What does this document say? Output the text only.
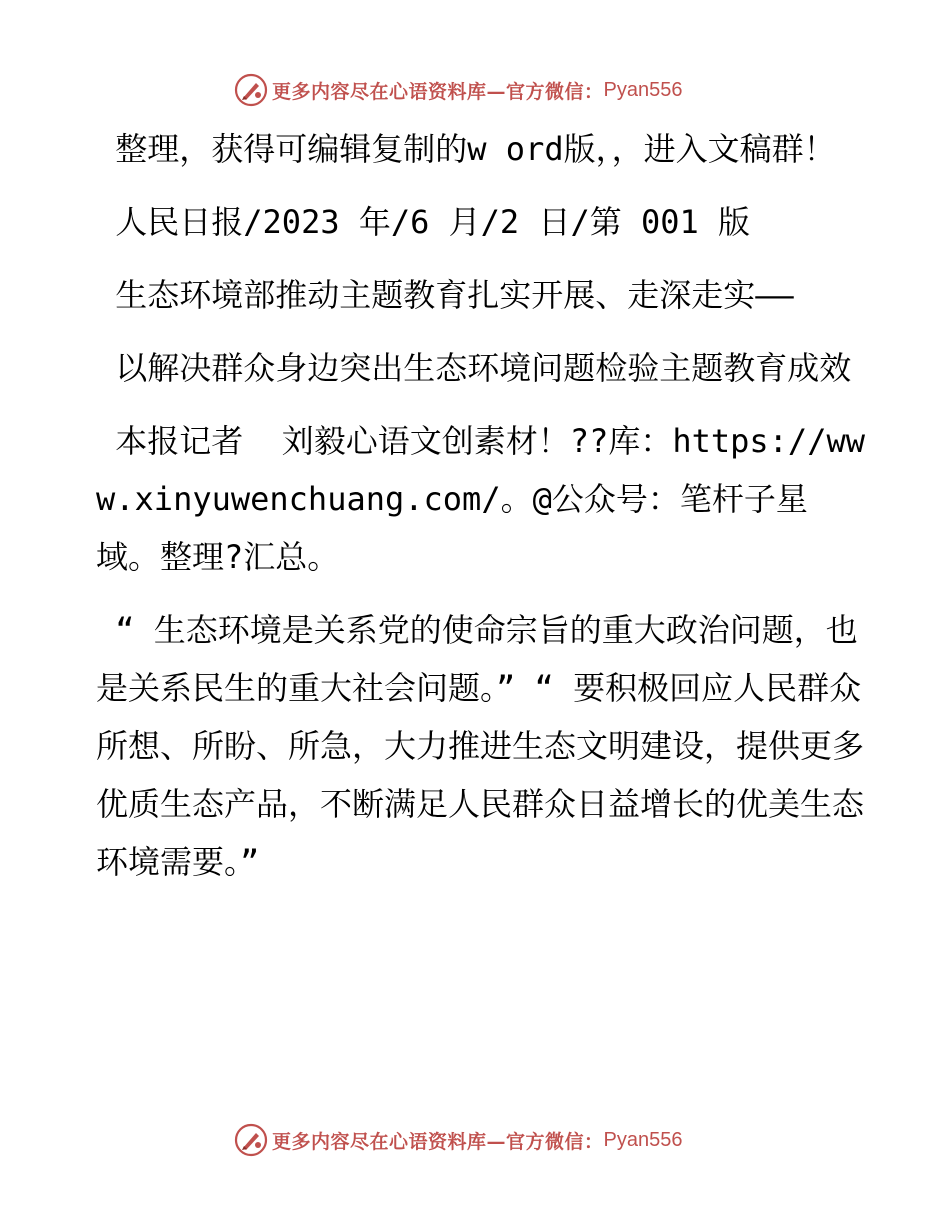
更多内容尽在心语资料库—官方微信： Pyan556

整理，获得可编辑复制的w ord版，，进入文稿群！

人民日报/2023 年/6 月/2 日/第 001 版

生态环境部推动主题教育扎实开展、走深走实——

以解决群众身边突出生态环境问题检验主题教育成效

本报记者  刘毅心语文创素材！??库：https://www.xinyuwenchuang.com/。@公众号：笔杆子星域。整理?汇总。

“ 生态环境是关系党的使命宗旨的重大政治问题，也是关系民生的重大社会问题。” “ 要积极回应人民群众所想、所盼、所急，大力推进生态文明建设，提供更多优质生态产品，不断满足人民群众日益增长的优美生态环境需要。”

更多内容尽在心语资料库—官方微信： Pyan556
